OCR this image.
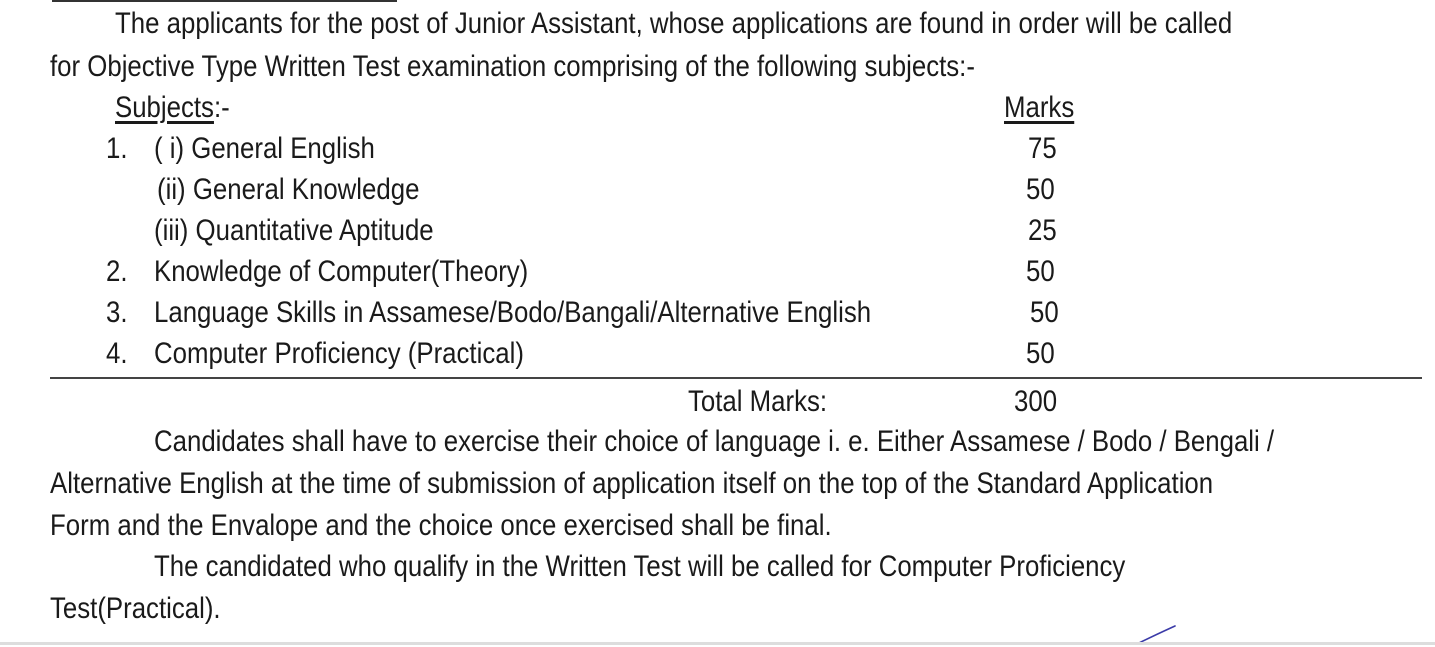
The applicants for the post of Junior Assistant, whose applications are found in order will be called
for Objective Type Written Test examination comprising of the following subjects:-
Subjects:-	Marks
1. ( i) General English	75
(ii) General Knowledge	50
(iii) Quantitative Aptitude	25
2. Knowledge of Computer(Theory)	50
3. Language Skills in Assamese/Bodo/Bangali/Alternative English	50
4. Computer Proficiency (Practical)	50
Total Marks:	300
Candidates shall have to exercise their choice of language i. e. Either Assamese / Bodo / Bengali /
Alternative English at the time of submission of application itself on the top of the Standard Application
Form and the Envalope and the choice once exercised shall be final.
The candidated who qualify in the Written Test will be called for Computer Proficiency
Test(Practical).
